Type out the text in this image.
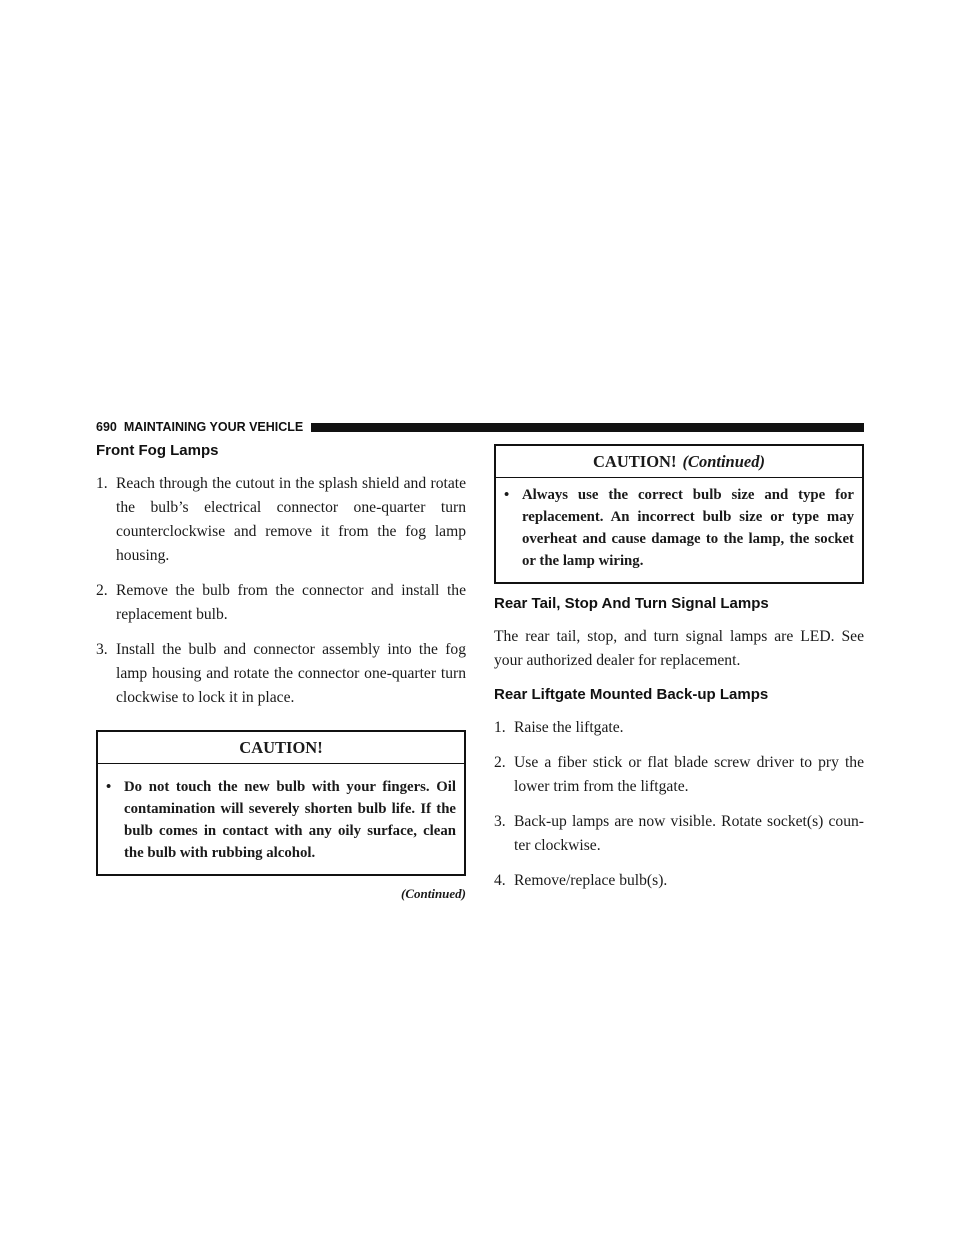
690 MAINTAINING YOUR VEHICLE
Front Fog Lamps
1. Reach through the cutout in the splash shield and rotate the bulb’s electrical connector one-quarter turn counterclockwise and remove it from the fog lamp housing.
2. Remove the bulb from the connector and install the replacement bulb.
3. Install the bulb and connector assembly into the fog lamp housing and rotate the connector one-quarter turn clockwise to lock it in place.
CAUTION!
• Do not touch the new bulb with your fingers. Oil contamination will severely shorten bulb life. If the bulb comes in contact with any oily surface, clean the bulb with rubbing alcohol.
(Continued)
CAUTION! (Continued)
• Always use the correct bulb size and type for replacement. An incorrect bulb size or type may overheat and cause damage to the lamp, the socket or the lamp wiring.
Rear Tail, Stop And Turn Signal Lamps

The rear tail, stop, and turn signal lamps are LED. See your authorized dealer for replacement.

Rear Liftgate Mounted Back-up Lamps
1. Raise the liftgate.
2. Use a fiber stick or flat blade screw driver to pry the lower trim from the liftgate.
3. Back-up lamps are now visible. Rotate socket(s) coun-ter clockwise.
4. Remove/replace bulb(s).
